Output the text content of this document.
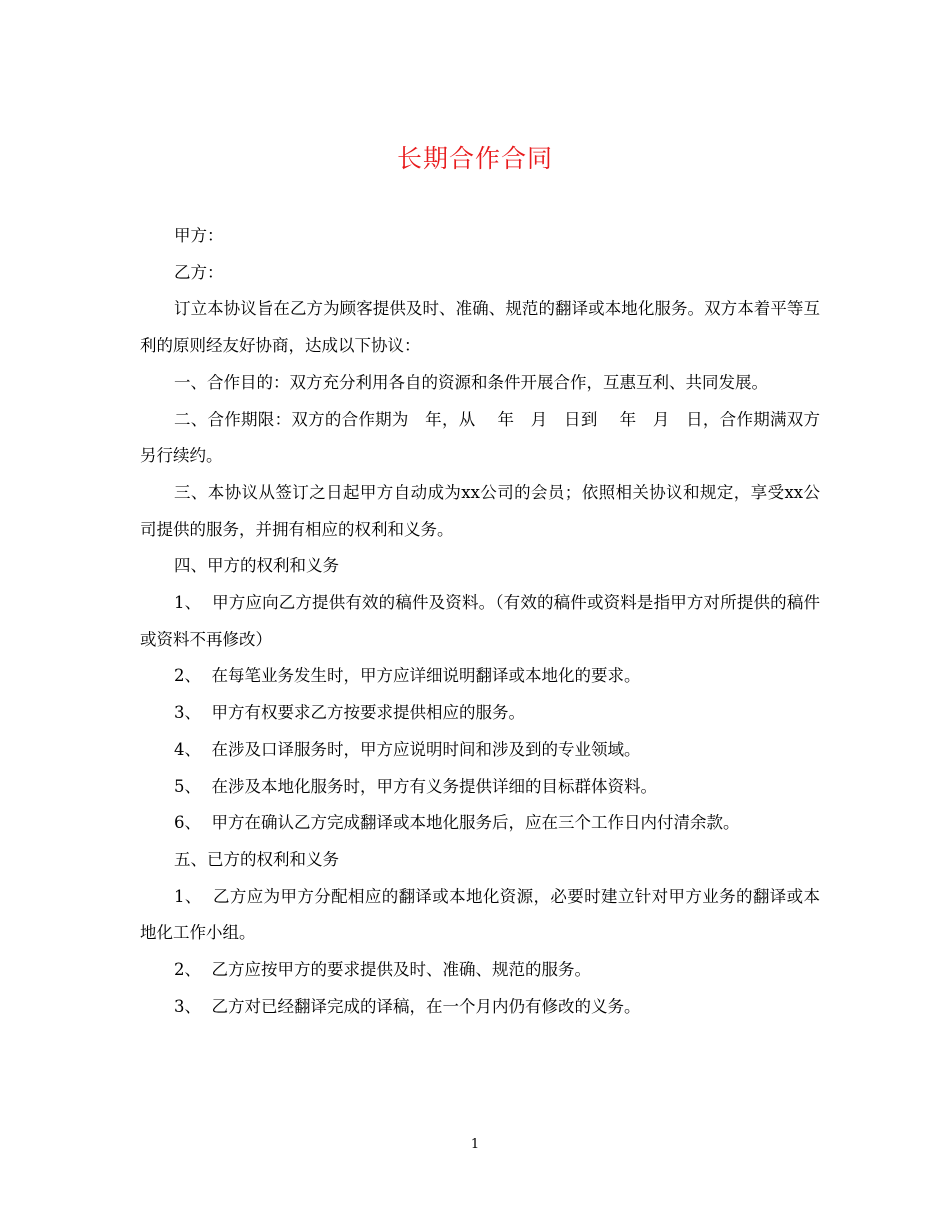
长期合作合同

甲方：

乙方：

订立本协议旨在乙方为顾客提供及时、准确、规范的翻译或本地化服务。双方本着平等互利的原则经友好协商，达成以下协议：

一、合作目的：双方充分利用各自的资源和条件开展合作，互惠互利、共同发展。

二、合作期限：双方的合作期为   年，从    年   月   日到    年   月   日，合作期满双方另行续约。

三、本协议从签订之日起甲方自动成为xx公司的会员；依照相关协议和规定，享受xx公司提供的服务，并拥有相应的权利和义务。

四、甲方的权利和义务

1、  甲方应向乙方提供有效的稿件及资料。（有效的稿件或资料是指甲方对所提供的稿件或资料不再修改）

2、  在每笔业务发生时，甲方应详细说明翻译或本地化的要求。

3、  甲方有权要求乙方按要求提供相应的服务。

4、  在涉及口译服务时，甲方应说明时间和涉及到的专业领域。

5、  在涉及本地化服务时，甲方有义务提供详细的目标群体资料。

6、  甲方在确认乙方完成翻译或本地化服务后，应在三个工作日内付清余款。

五、已方的权利和义务

1、  乙方应为甲方分配相应的翻译或本地化资源，必要时建立针对甲方业务的翻译或本地化工作小组。

2、  乙方应按甲方的要求提供及时、准确、规范的服务。

3、  乙方对已经翻译完成的译稿，在一个月内仍有修改的义务。

1
